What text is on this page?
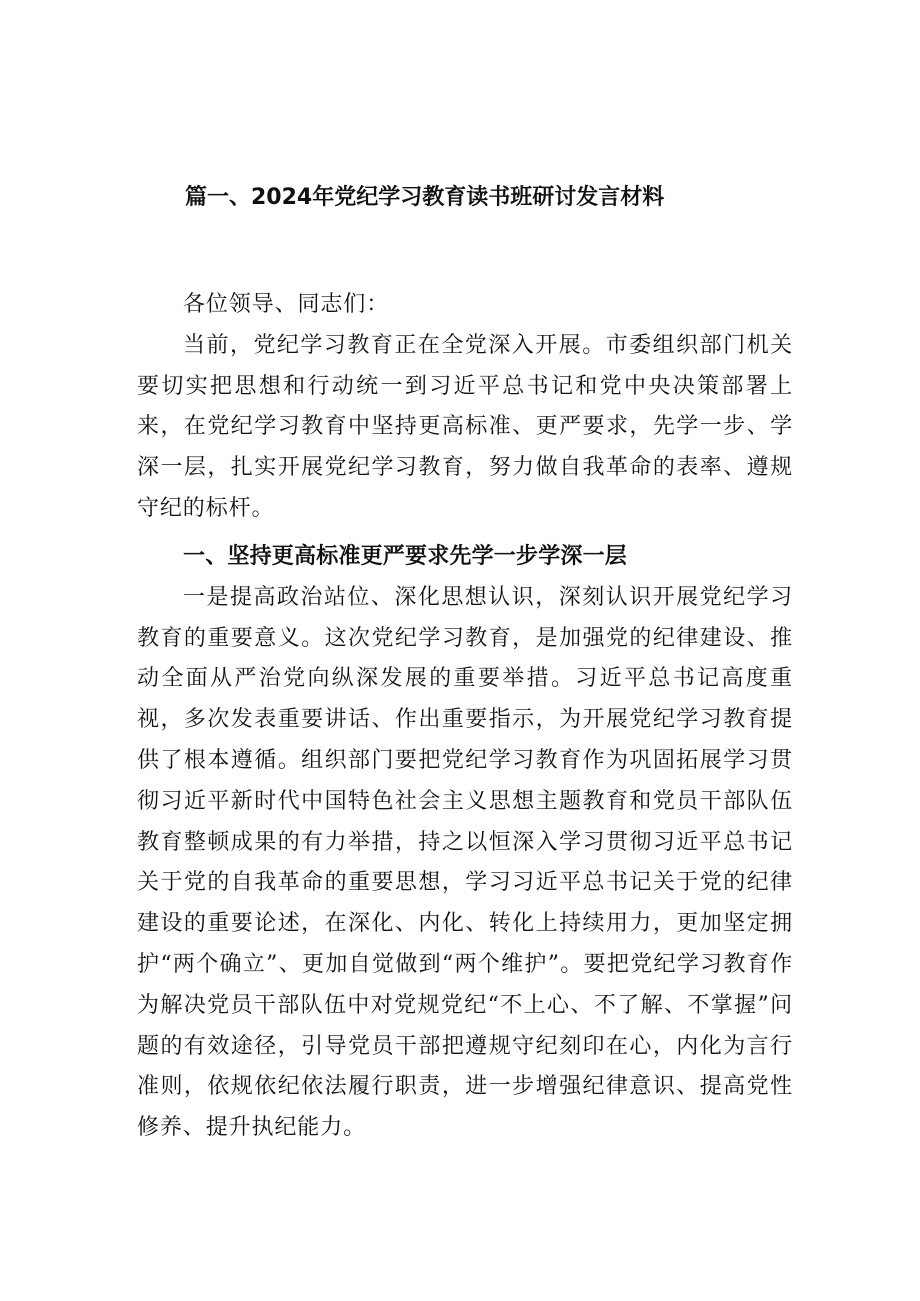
篇一、2024年党纪学习教育读书班研讨发言材料

各位领导、同志们：

当前，党纪学习教育正在全党深入开展。市委组织部门机关要切实把思想和行动统一到习近平总书记和党中央决策部署上来，在党纪学习教育中坚持更高标准、更严要求，先学一步、学深一层，扎实开展党纪学习教育，努力做自我革命的表率、遵规守纪的标杆。

一、坚持更高标准更严要求先学一步学深一层

一是提高政治站位、深化思想认识，深刻认识开展党纪学习教育的重要意义。这次党纪学习教育，是加强党的纪律建设、推动全面从严治党向纵深发展的重要举措。习近平总书记高度重视，多次发表重要讲话、作出重要指示，为开展党纪学习教育提供了根本遵循。组织部门要把党纪学习教育作为巩固拓展学习贯彻习近平新时代中国特色社会主义思想主题教育和党员干部队伍教育整顿成果的有力举措，持之以恒深入学习贯彻习近平总书记关于党的自我革命的重要思想，学习习近平总书记关于党的纪律建设的重要论述，在深化、内化、转化上持续用力，更加坚定拥护“两个确立”、更加自觉做到“两个维护”。要把党纪学习教育作为解决党员干部队伍中对党规党纪“不上心、不了解、不掌握”问题的有效途径，引导党员干部把遵规守纪刻印在心，内化为言行准则，依规依纪依法履行职责，进一步增强纪律意识、提高党性修养、提升执纪能力。
